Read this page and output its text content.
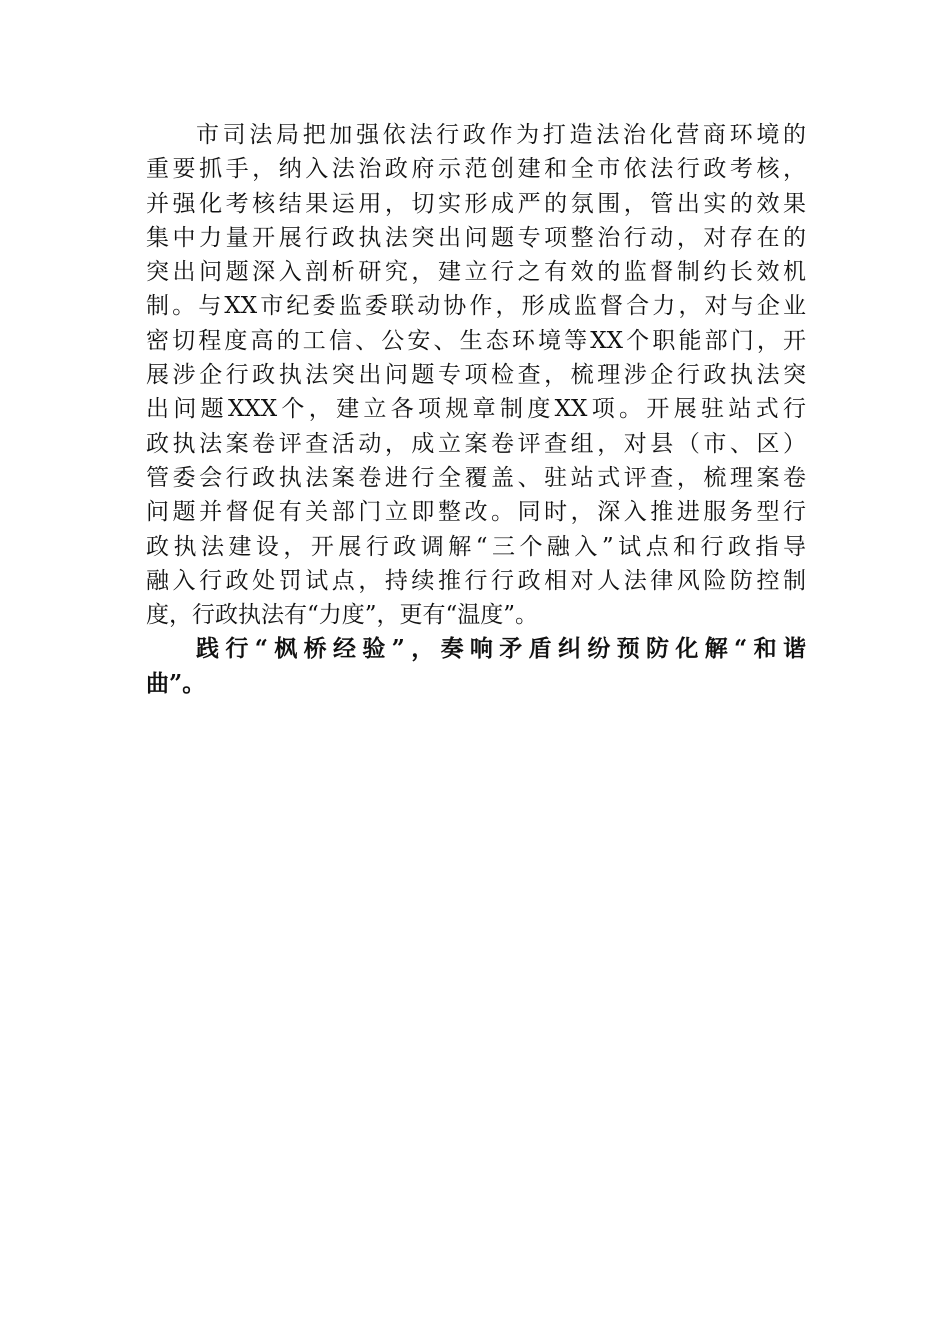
市司法局把加强依法行政作为打造法治化营商环境的
重要抓手，纳入法治政府示范创建和全市依法行政考核，
并强化考核结果运用，切实形成严的氛围，管出实的效果
集中力量开展行政执法突出问题专项整治行动，对存在的
突出问题深入剖析研究，建立行之有效的监督制约长效机
制。与XX市纪委监委联动协作，形成监督合力，对与企业
密切程度高的工信、公安、生态环境等XX个职能部门，开
展涉企行政执法突出问题专项检查，梳理涉企行政执法突
出问题XXX个，建立各项规章制度XX项。开展驻站式行
政执法案卷评查活动，成立案卷评查组，对县（市、区）
管委会行政执法案卷进行全覆盖、驻站式评查，梳理案卷
问题并督促有关部门立即整改。同时，深入推进服务型行
政执法建设，开展行政调解“三个融入”试点和行政指导
融入行政处罚试点，持续推行行政相对人法律风险防控制
度，行政执法有“力度”，更有“温度”。
践行“枫桥经验”，奏响矛盾纠纷预防化解“和谐
曲”。
